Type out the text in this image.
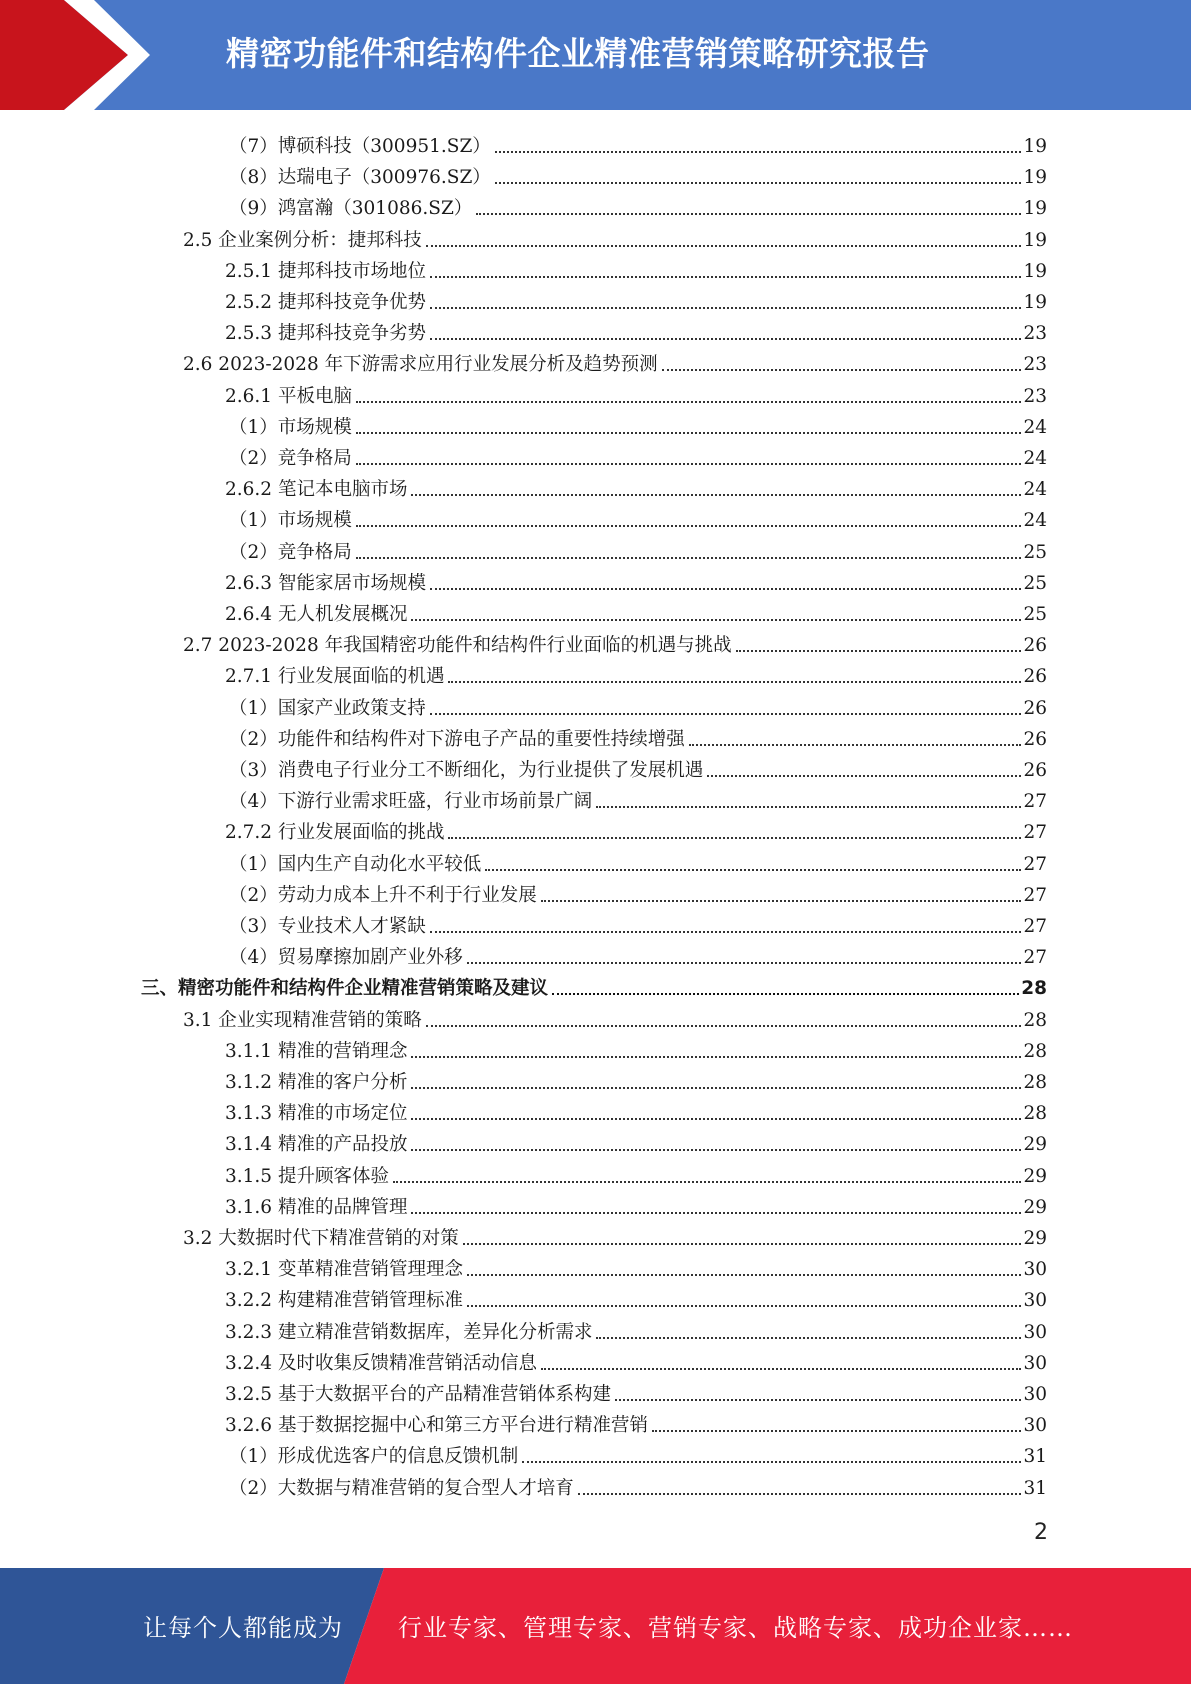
精密功能件和结构件企业精准营销策略研究报告
（7）博硕科技（300951.SZ）	19
（8）达瑞电子（300976.SZ）	19
（9）鸿富瀚（301086.SZ）	19
2.5 企业案例分析：捷邦科技	19
2.5.1 捷邦科技市场地位	19
2.5.2 捷邦科技竞争优势	19
2.5.3 捷邦科技竞争劣势	23
2.6 2023-2028 年下游需求应用行业发展分析及趋势预测	23
2.6.1 平板电脑	23
（1）市场规模	24
（2）竞争格局	24
2.6.2 笔记本电脑市场	24
（1）市场规模	24
（2）竞争格局	25
2.6.3 智能家居市场规模	25
2.6.4 无人机发展概况	25
2.7 2023-2028 年我国精密功能件和结构件行业面临的机遇与挑战	26
2.7.1 行业发展面临的机遇	26
（1）国家产业政策支持	26
（2）功能件和结构件对下游电子产品的重要性持续增强	26
（3）消费电子行业分工不断细化，为行业提供了发展机遇	26
（4）下游行业需求旺盛，行业市场前景广阔	27
2.7.2 行业发展面临的挑战	27
（1）国内生产自动化水平较低	27
（2）劳动力成本上升不利于行业发展	27
（3）专业技术人才紧缺	27
（4）贸易摩擦加剧产业外移	27
三、精密功能件和结构件企业精准营销策略及建议	28
3.1 企业实现精准营销的策略	28
3.1.1 精准的营销理念	28
3.1.2 精准的客户分析	28
3.1.3 精准的市场定位	28
3.1.4 精准的产品投放	29
3.1.5 提升顾客体验	29
3.1.6 精准的品牌管理	29
3.2 大数据时代下精准营销的对策	29
3.2.1 变革精准营销管理理念	30
3.2.2 构建精准营销管理标准	30
3.2.3 建立精准营销数据库，差异化分析需求	30
3.2.4 及时收集反馈精准营销活动信息	30
3.2.5 基于大数据平台的产品精准营销体系构建	30
3.2.6 基于数据挖掘中心和第三方平台进行精准营销	30
（1）形成优选客户的信息反馈机制	31
（2）大数据与精准营销的复合型人才培育	31
2
让每个人都能成为 行业专家、管理专家、营销专家、战略专家、成功企业家……
